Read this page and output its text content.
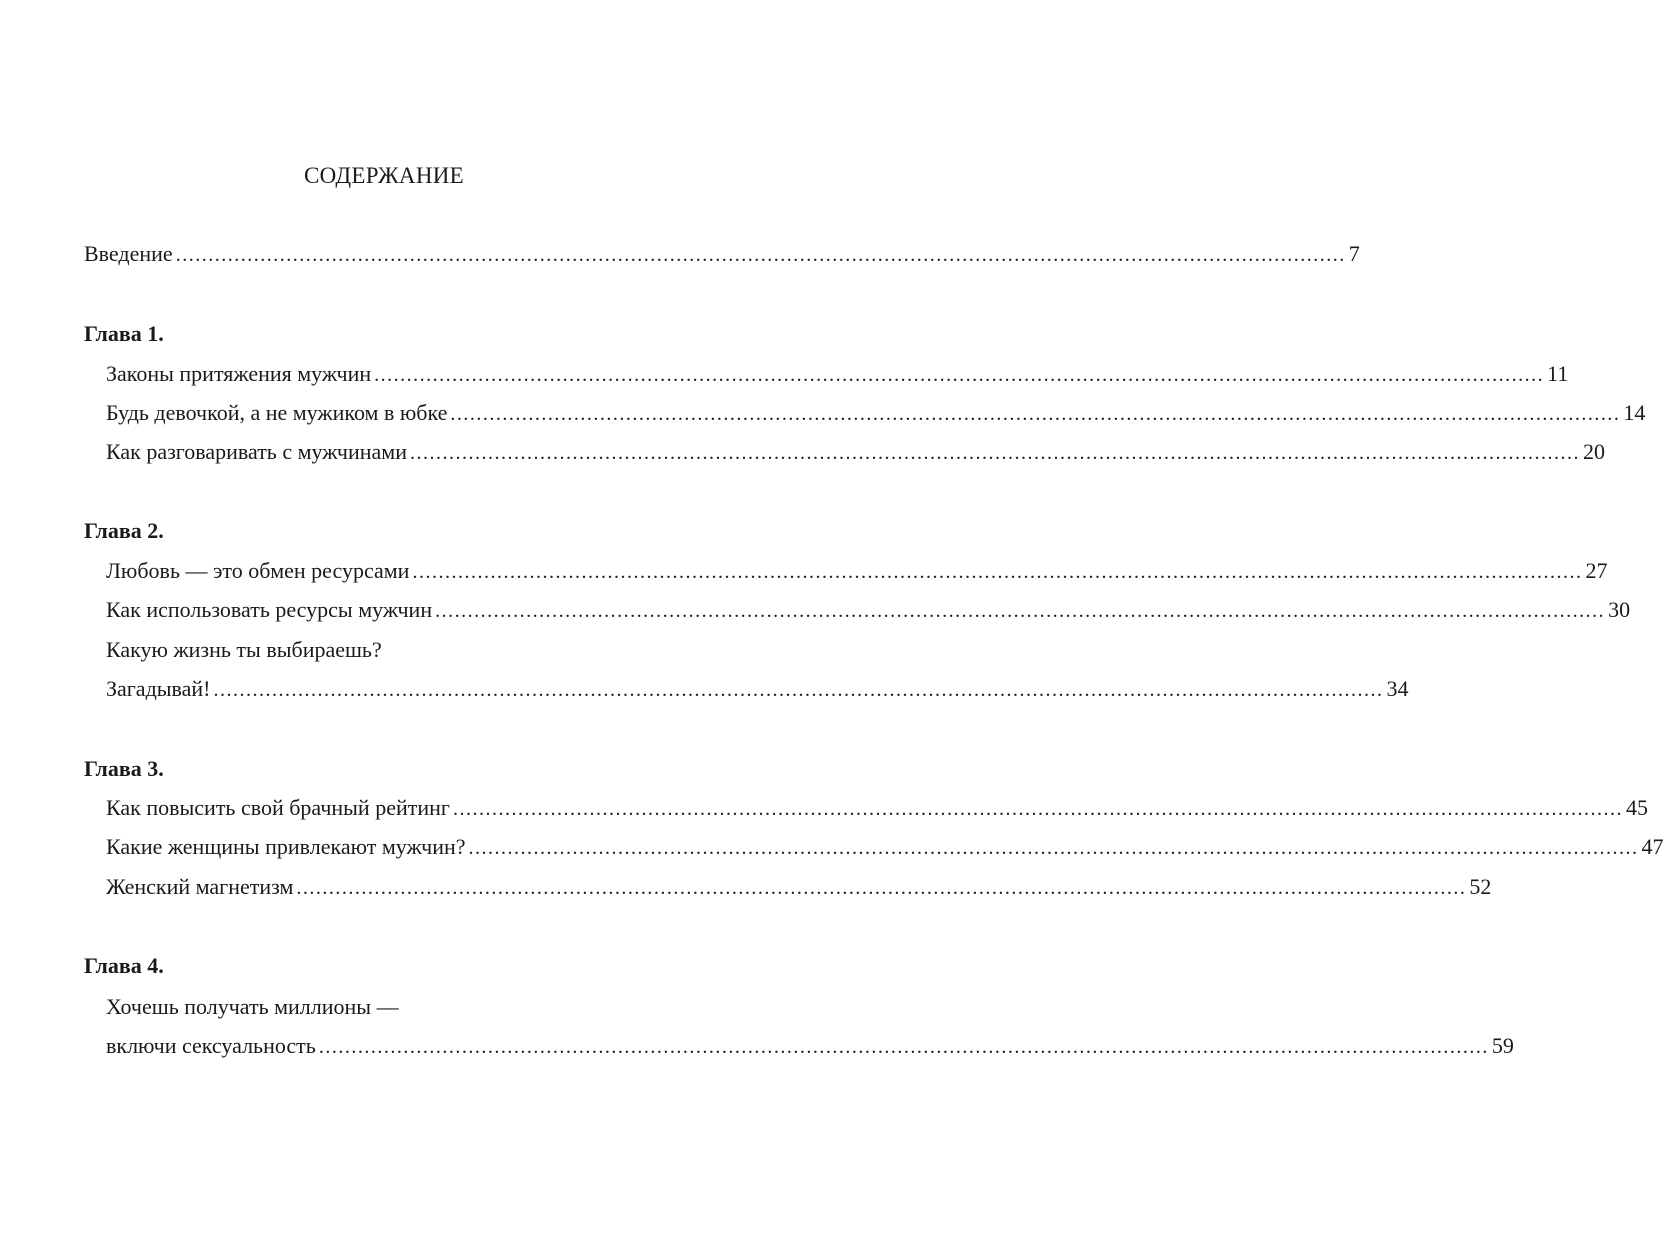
СОДЕРЖАНИЕ
Введение .................................................................................................................................................................................... 7
Глава 1.
Законы притяжения мужчин .................................................................................................................................................................................... 11
Будь девочкой, а не мужиком в юбке .................................................................................................................................................................................... 14
Как разговаривать с мужчинами .................................................................................................................................................................................... 20
Глава 2.
Любовь — это обмен ресурсами .................................................................................................................................................................................... 27
Как использовать ресурсы мужчин .................................................................................................................................................................................... 30
Какую жизнь ты выбираешь?
Загадывай! .................................................................................................................................................................................... 34
Глава 3.
Как повысить свой брачный рейтинг .................................................................................................................................................................................... 45
Какие женщины привлекают мужчин? .................................................................................................................................................................................... 47
Женский магнетизм .................................................................................................................................................................................... 52
Глава 4.
Хочешь получать миллионы —
включи сексуальность .................................................................................................................................................................................... 59
